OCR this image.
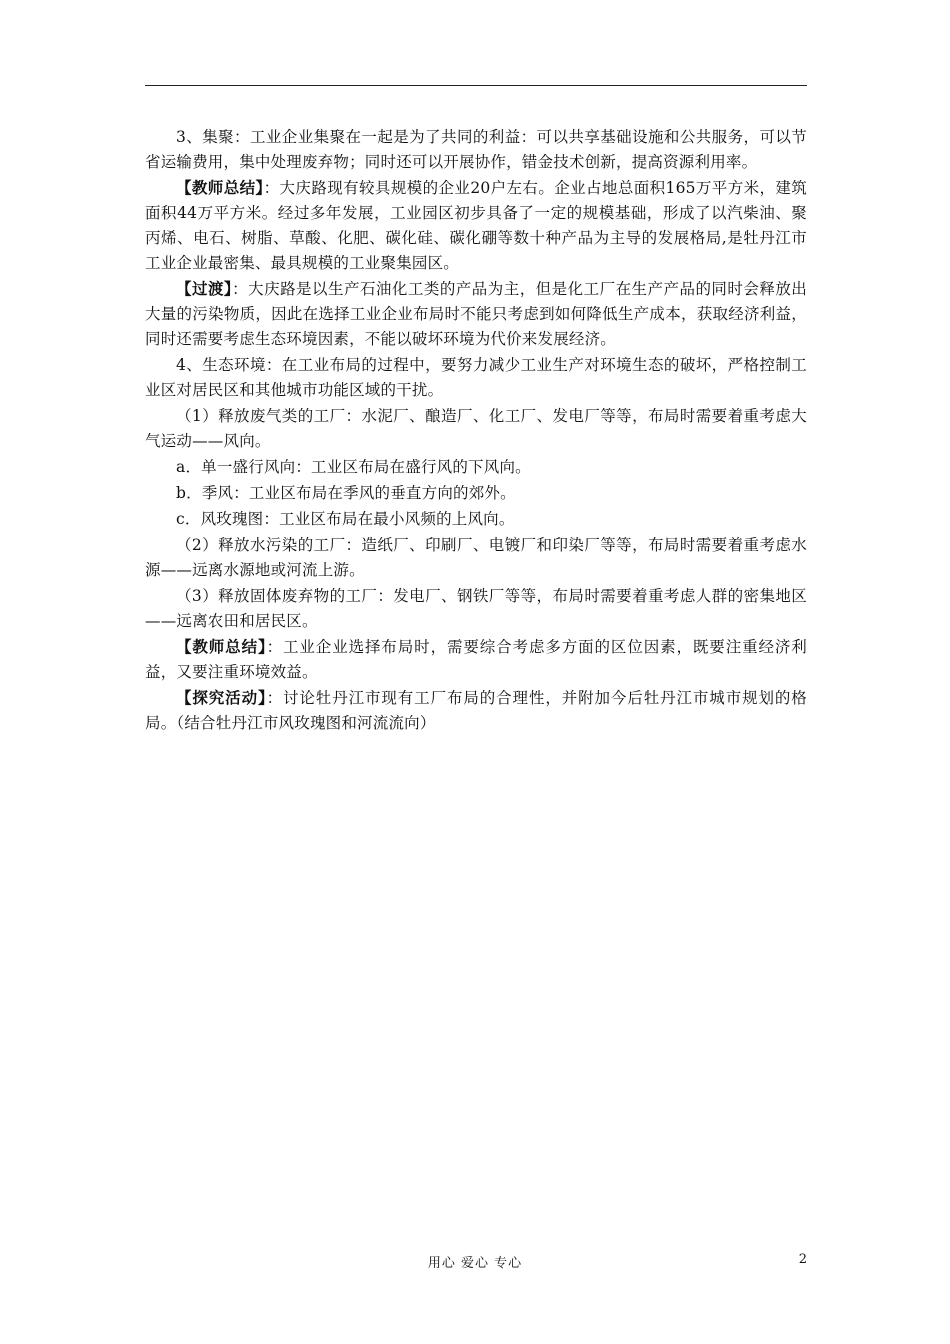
3、集聚：工业企业集聚在一起是为了共同的利益：可以共享基础设施和公共服务，可以节省运输费用，集中处理废弃物；同时还可以开展协作，错金技术创新，提高资源利用率。

【教师总结】：大庆路现有较具规模的企业20户左右。企业占地总面积165万平方米，建筑面积44万平方米。经过多年发展，工业园区初步具备了一定的规模基础，形成了以汽柴油、聚丙烯、电石、树脂、草酸、化肥、碳化硅、碳化硼等数十种产品为主导的发展格局,是牡丹江市工业企业最密集、最具规模的工业聚集园区。

【过渡】：大庆路是以生产石油化工类的产品为主，但是化工厂在生产产品的同时会释放出大量的污染物质，因此在选择工业企业布局时不能只考虑到如何降低生产成本，获取经济利益，同时还需要考虑生态环境因素，不能以破坏环境为代价来发展经济。

4、生态环境：在工业布局的过程中，要努力减少工业生产对环境生态的破坏，严格控制工业区对居民区和其他城市功能区域的干扰。

（1）释放废气类的工厂：水泥厂、酿造厂、化工厂、发电厂等等，布局时需要着重考虑大气运动——风向。

a．单一盛行风向：工业区布局在盛行风的下风向。

b．季风：工业区布局在季风的垂直方向的郊外。

c．风玫瑰图：工业区布局在最小风频的上风向。

（2）释放水污染的工厂：造纸厂、印刷厂、电镀厂和印染厂等等，布局时需要着重考虑水源——远离水源地或河流上游。

（3）释放固体废弃物的工厂：发电厂、钢铁厂等等，布局时需要着重考虑人群的密集地区——远离农田和居民区。

【教师总结】：工业企业选择布局时，需要综合考虑多方面的区位因素，既要注重经济利益，又要注重环境效益。

【探究活动】：讨论牡丹江市现有工厂布局的合理性，并附加今后牡丹江市城市规划的格局。（结合牡丹江市风玫瑰图和河流流向）

用心 爱心 专心	2
